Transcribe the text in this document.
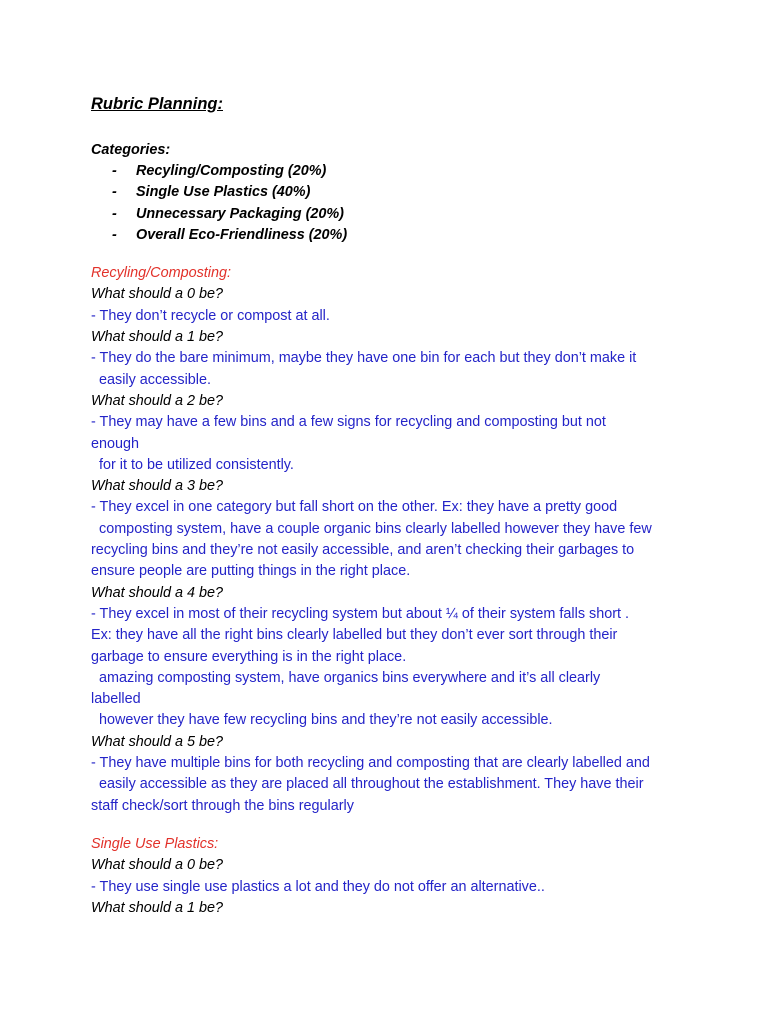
Rubric Planning:
Categories:
- Recyling/Composting (20%)
- Single Use Plastics (40%)
- Unnecessary Packaging (20%)
- Overall Eco-Friendliness (20%)
Recyling/Composting:
What should a 0 be?
- They don’t recycle or compost at all.
What should a 1 be?
- They do the bare minimum, maybe they have one bin for each but they don’t make it
easily accessible.
What should a 2 be?
- They may have a few bins and a few signs for recycling and composting but not
enough
for it to be utilized consistently.
What should a 3 be?
- They excel in one category but fall short on the other. Ex: they have a pretty good
composting system, have a couple organic bins clearly labelled however they have few
recycling bins and they’re not easily accessible, and aren’t checking their garbages to
ensure people are putting things in the right place.
What should a 4 be?
- They excel in most of their recycling system but about ¼ of their system falls short .
Ex: they have all the right bins clearly labelled but they don’t ever sort through their
garbage to ensure everything is in the right place.
amazing composting system, have organics bins everywhere and it’s all clearly
labelled
however they have few recycling bins and they’re not easily accessible.
What should a 5 be?
- They have multiple bins for both recycling and composting that are clearly labelled and
easily accessible as they are placed all throughout the establishment. They have their
staff check/sort through the bins regularly
Single Use Plastics:
What should a 0 be?
- They use single use plastics a lot and they do not offer an alternative..
What should a 1 be?
